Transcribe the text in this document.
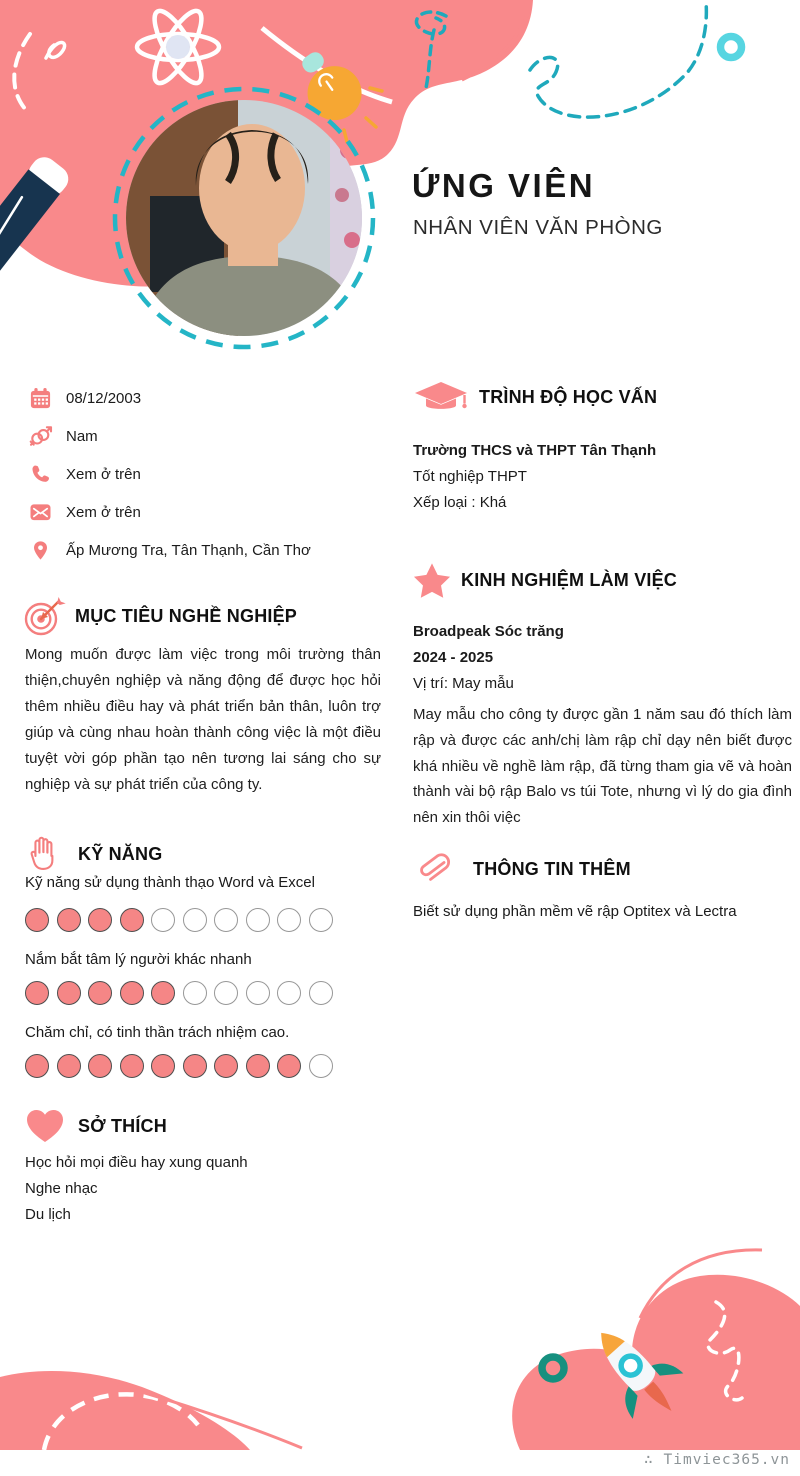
ỨNG VIÊN
NHÂN VIÊN VĂN PHÒNG
08/12/2003
Nam
Xem ở trên
Xem ở trên
Ấp Mương Tra, Tân Thạnh, Cần Thơ
MỤC TIÊU NGHỀ NGHIỆP
Mong muốn được làm việc trong môi trường thân thiện,chuyên nghiệp và năng động để được học hỏi thêm nhiều điều hay và phát triển bản thân, luôn trợ giúp và cùng nhau hoàn thành công việc là một điều tuyệt vời góp phần tạo nên tương lai sáng cho sự nghiệp và sự phát triển của công ty.
KỸ NĂNG
Kỹ năng sử dụng thành thạo Word và Excel
Nắm bắt tâm lý người khác nhanh
Chăm chỉ, có tinh thần trách nhiệm cao.
SỞ THÍCH
Học hỏi mọi điều hay xung quanh
Nghe nhạc
Du lịch
TRÌNH ĐỘ HỌC VẤN
Trường THCS và THPT Tân Thạnh
Tốt nghiệp THPT
Xếp loại : Khá
KINH NGHIỆM LÀM VIỆC
Broadpeak Sóc trăng
2024 - 2025
Vị trí: May mẫu
May mẫu cho công ty được gần 1 năm sau đó thích làm rập và được các anh/chị làm rập chỉ dạy nên biết được khá nhiều về nghề làm rập, đã từng tham gia vẽ và hoàn thành vài bộ rập Balo vs túi Tote, nhưng vì lý do gia đình nên xin thôi việc
THÔNG TIN THÊM
Biết sử dụng phần mềm vẽ rập Optitex và Lectra
∴ Timviec365.vn
